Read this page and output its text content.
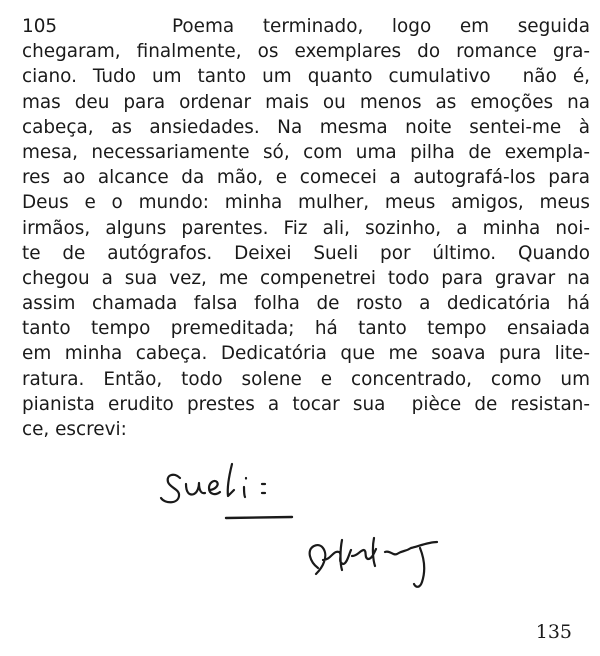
105	Poema terminado, logo em seguida
chegaram, finalmente, os exemplares do romance gra-
ciano. Tudo um tanto um quanto cumulativo  não é,
mas deu para ordenar mais ou menos as emoções na
cabeça, as ansiedades. Na mesma noite sentei-me à
mesa, necessariamente só, com uma pilha de exempla-
res ao alcance da mão, e comecei a autografá-los para
Deus e o mundo: minha mulher, meus amigos, meus
irmãos, alguns parentes. Fiz ali, sozinho, a minha noi-
te de autógrafos. Deixei Sueli por último. Quando
chegou a sua vez, me compenetrei todo para gravar na
assim chamada falsa folha de rosto a dedicatória há
tanto tempo premeditada; há tanto tempo ensaiada
em minha cabeça. Dedicatória que me soava pura lite-
ratura. Então, todo solene e concentrado, como um
pianista erudito prestes a tocar sua  pièce de resistan-
ce, escrevi:
135
